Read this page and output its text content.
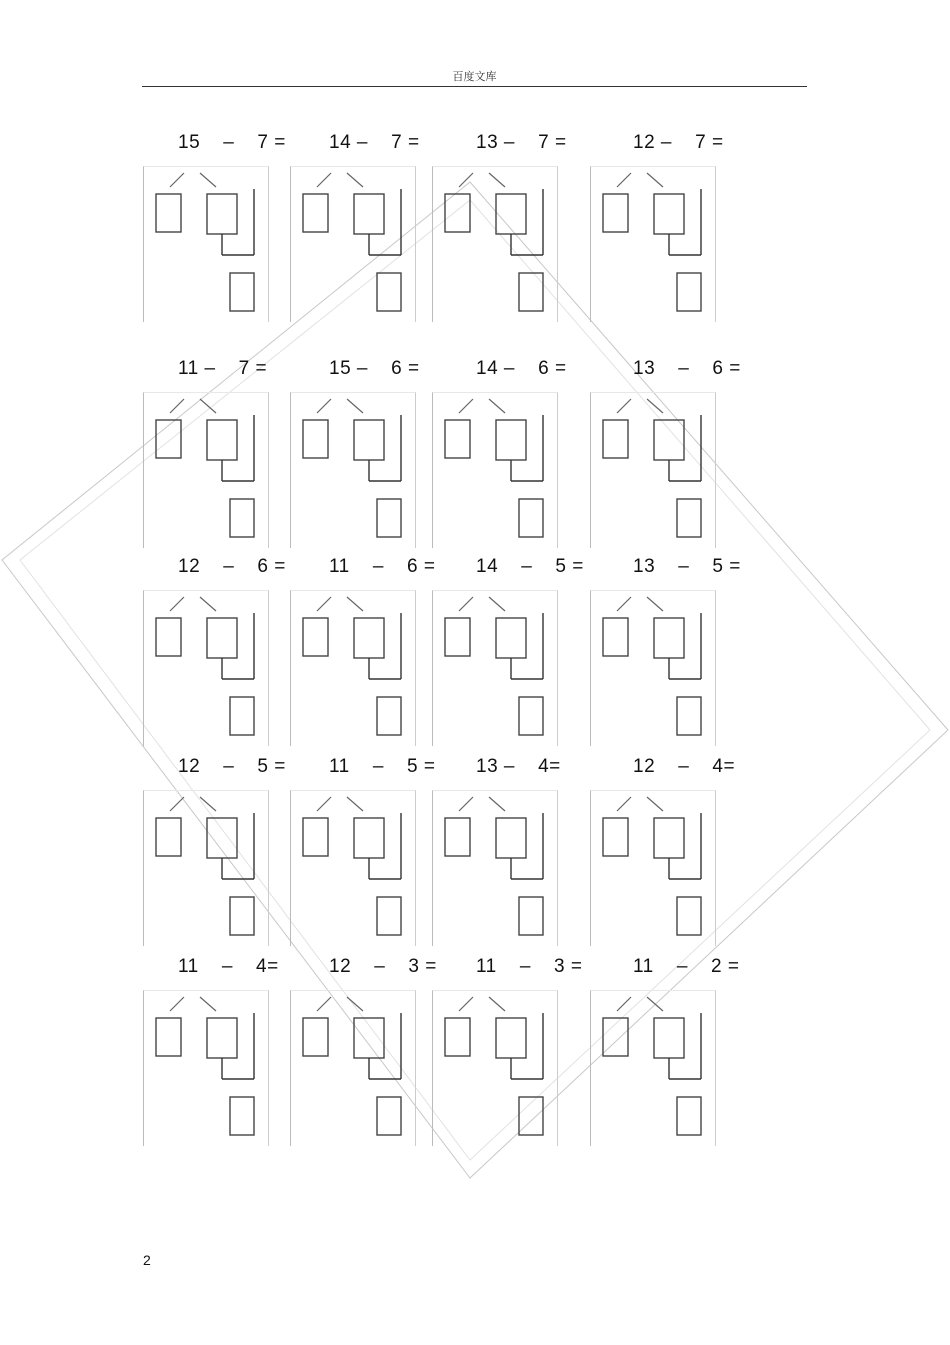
百度文库
15    –    7 = 14 –    7 =	13 –    7 =	12 –    7 =
11 –    7 =	15 –    6 =	14 –    6 =	13    –    6 =
12    –    6 = 11    –    6 = 14    –    5 =	13    –    5 =
12    –    5 = 11    –    5 = 13 –    4=	12    –    4=
11    –    4=	12    –    3 = 11    –    3 =	11    –    2 =
2
